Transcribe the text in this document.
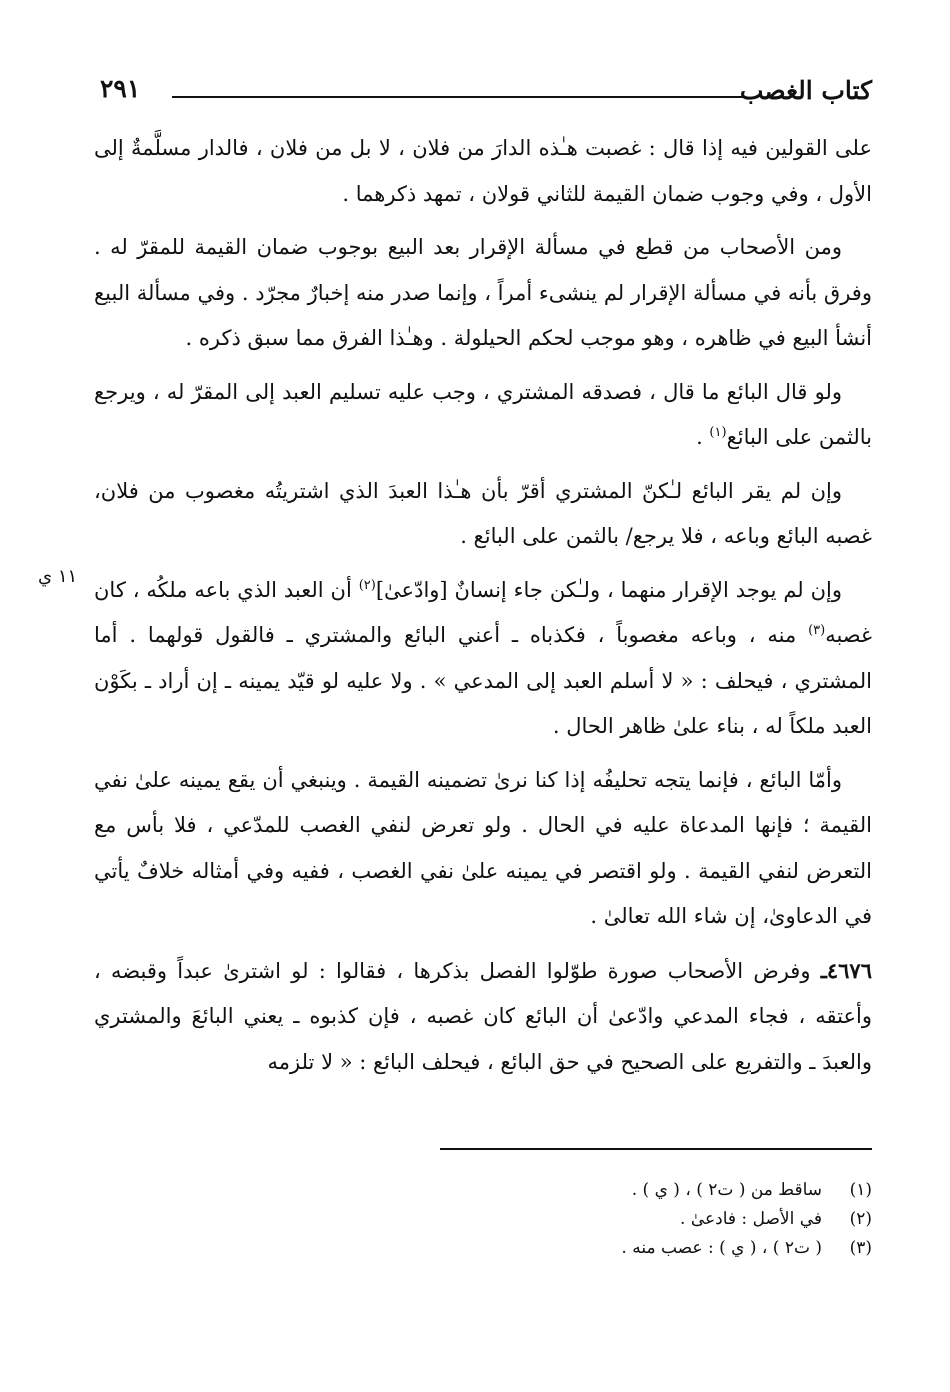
كتاب الغصب
٢٩١

على القولين فيه إذا قال : غصبت هـٰذه الدارَ من فلان ، لا بل من فلان ، فالدار مسلَّمةٌ إلى الأول ، وفي وجوب ضمان القيمة للثاني قولان ، تمهد ذكرهما .

ومن الأصحاب من قطع في مسألة الإقرار بعد البيع بوجوب ضمان القيمة للمقرّ له . وفرق بأنه في مسألة الإقرار لم ينشىء أمراً ، وإنما صدر منه إخبارٌ مجرّد . وفي مسألة البيع أنشأ البيع في ظاهره ، وهو موجب لحكم الحيلولة . وهـٰذا الفرق مما سبق ذكره .

ولو قال البائع ما قال ، فصدقه المشتري ، وجب عليه تسليم العبد إلى المقرّ له ، ويرجع بالثمن على البائع$^{(١)}$ .

وإن لم يقر البائع لـٰكنّ المشتري أقرّ بأن هـٰذا العبدَ الذي اشتريتُه مغصوب من فلان، غصبه البائع وباعه ، فلا يرجع/ بالثمن على البائع .

وإن لم يوجد الإقرار منهما ، ولـٰكن جاء إنسانٌ [وادّعىٰ]$^{(٢)}$ أن العبد الذي باعه ملكُه ، كان غصبه$^{(٣)}$ منه ، وباعه مغصوباً ، فكذباه ـ أعني البائع والمشتري ـ فالقول قولهما . أما المشتري ، فيحلف : « لا أسلم العبد إلى المدعي » . ولا عليه لو قيّد يمينه ـ إن أراد ـ بكَوْن العبد ملكاً له ، بناء علىٰ ظاهر الحال .

وأمّا البائع ، فإنما يتجه تحليفُه إذا كنا نرىٰ تضمينه القيمة . وينبغي أن يقع يمينه علىٰ نفي القيمة ؛ فإنها المدعاة عليه في الحال . ولو تعرض لنفي الغصب للمدّعي ، فلا بأس مع التعرض لنفي القيمة . ولو اقتصر في يمينه علىٰ نفي الغصب ، ففيه وفي أمثاله خلافٌ يأتي في الدعاوىٰ، إن شاء الله تعالىٰ .

٤٦٧٦ـ وفرض الأصحاب صورة طوّلوا الفصل بذكرها ، فقالوا : لو اشترىٰ عبداً وقبضه ، وأعتقه ، فجاء المدعي وادّعىٰ أن البائع كان غصبه ، فإن كذبوه ـ يعني البائعَ والمشتري والعبدَ ـ والتفريع على الصحيح في حق البائع ، فيحلف البائع : « لا تلزمه

١١ ي
(١)
ساقط من ( ت٢ ) ، ( ي ) .
(٢)
في الأصل : فادعىٰ .
(٣)
( ت٢ ) ، ( ي ) : عصب منه .
